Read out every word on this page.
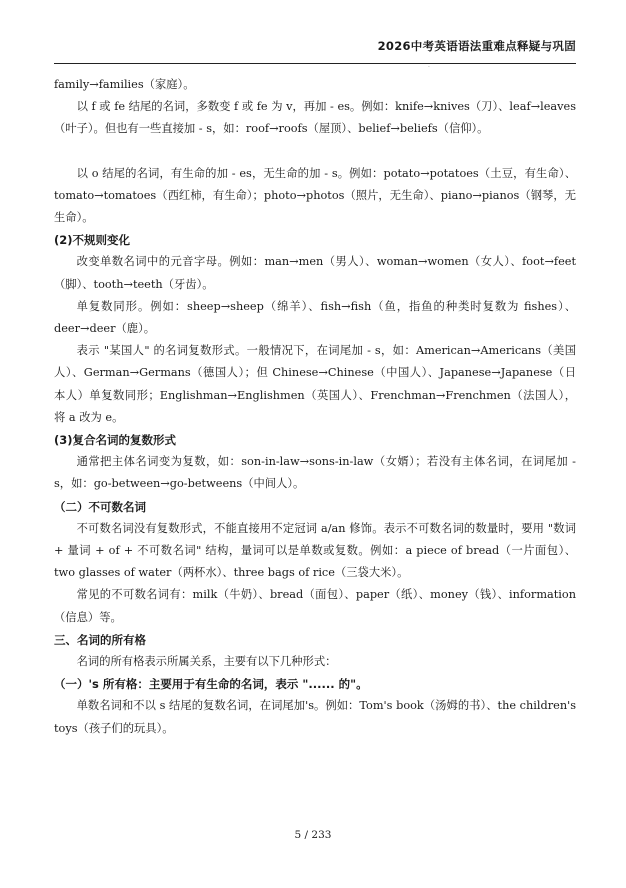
2026中考英语语法重难点释疑与巩固
·

family→families（家庭）。

以 f 或 fe 结尾的名词，多数变 f 或 fe 为 v，再加 - es。例如：knife→knives（刀）、leaf→leaves（叶子）。但也有一些直接加 - s，如：roof→roofs（屋顶）、belief→beliefs（信仰）。

以 o 结尾的名词，有生命的加 - es，无生命的加 - s。例如：potato→potatoes（土豆，有生命）、tomato→tomatoes（西红柿，有生命）；photo→photos（照片，无生命）、piano→pianos（钢琴，无生命）。

(2)不规则变化

改变单数名词中的元音字母。例如：man→men（男人）、woman→women（女人）、foot→feet（脚）、tooth→teeth（牙齿）。

单复数同形。例如：sheep→sheep（绵羊）、fish→fish（鱼，指鱼的种类时复数为 fishes）、deer→deer（鹿）。

表示 "某国人" 的名词复数形式。一般情况下，在词尾加 - s，如：American→Americans（美国人）、German→Germans（德国人）；但 Chinese→Chinese（中国人）、Japanese→Japanese（日本人）单复数同形；Englishman→Englishmen（英国人）、Frenchman→Frenchmen（法国人），将 a 改为 e。

(3)复合名词的复数形式

通常把主体名词变为复数，如：son-in-law→sons-in-law（女婿）；若没有主体名词，在词尾加 - s，如：go-between→go-betweens（中间人）。

（二）不可数名词

不可数名词没有复数形式，不能直接用不定冠词 a/an 修饰。表示不可数名词的数量时，要用 "数词 + 量词 + of + 不可数名词" 结构，量词可以是单数或复数。例如：a piece of bread（一片面包）、two glasses of water（两杯水）、three bags of rice（三袋大米）。

常见的不可数名词有：milk（牛奶）、bread（面包）、paper（纸）、money（钱）、information（信息）等。

三、名词的所有格

名词的所有格表示所属关系，主要有以下几种形式：

（一）'s 所有格：主要用于有生命的名词，表示 "...... 的"。

单数名词和不以 s 结尾的复数名词，在词尾加's。例如：Tom's book（汤姆的书）、the children's toys（孩子们的玩具）。

5 / 233
